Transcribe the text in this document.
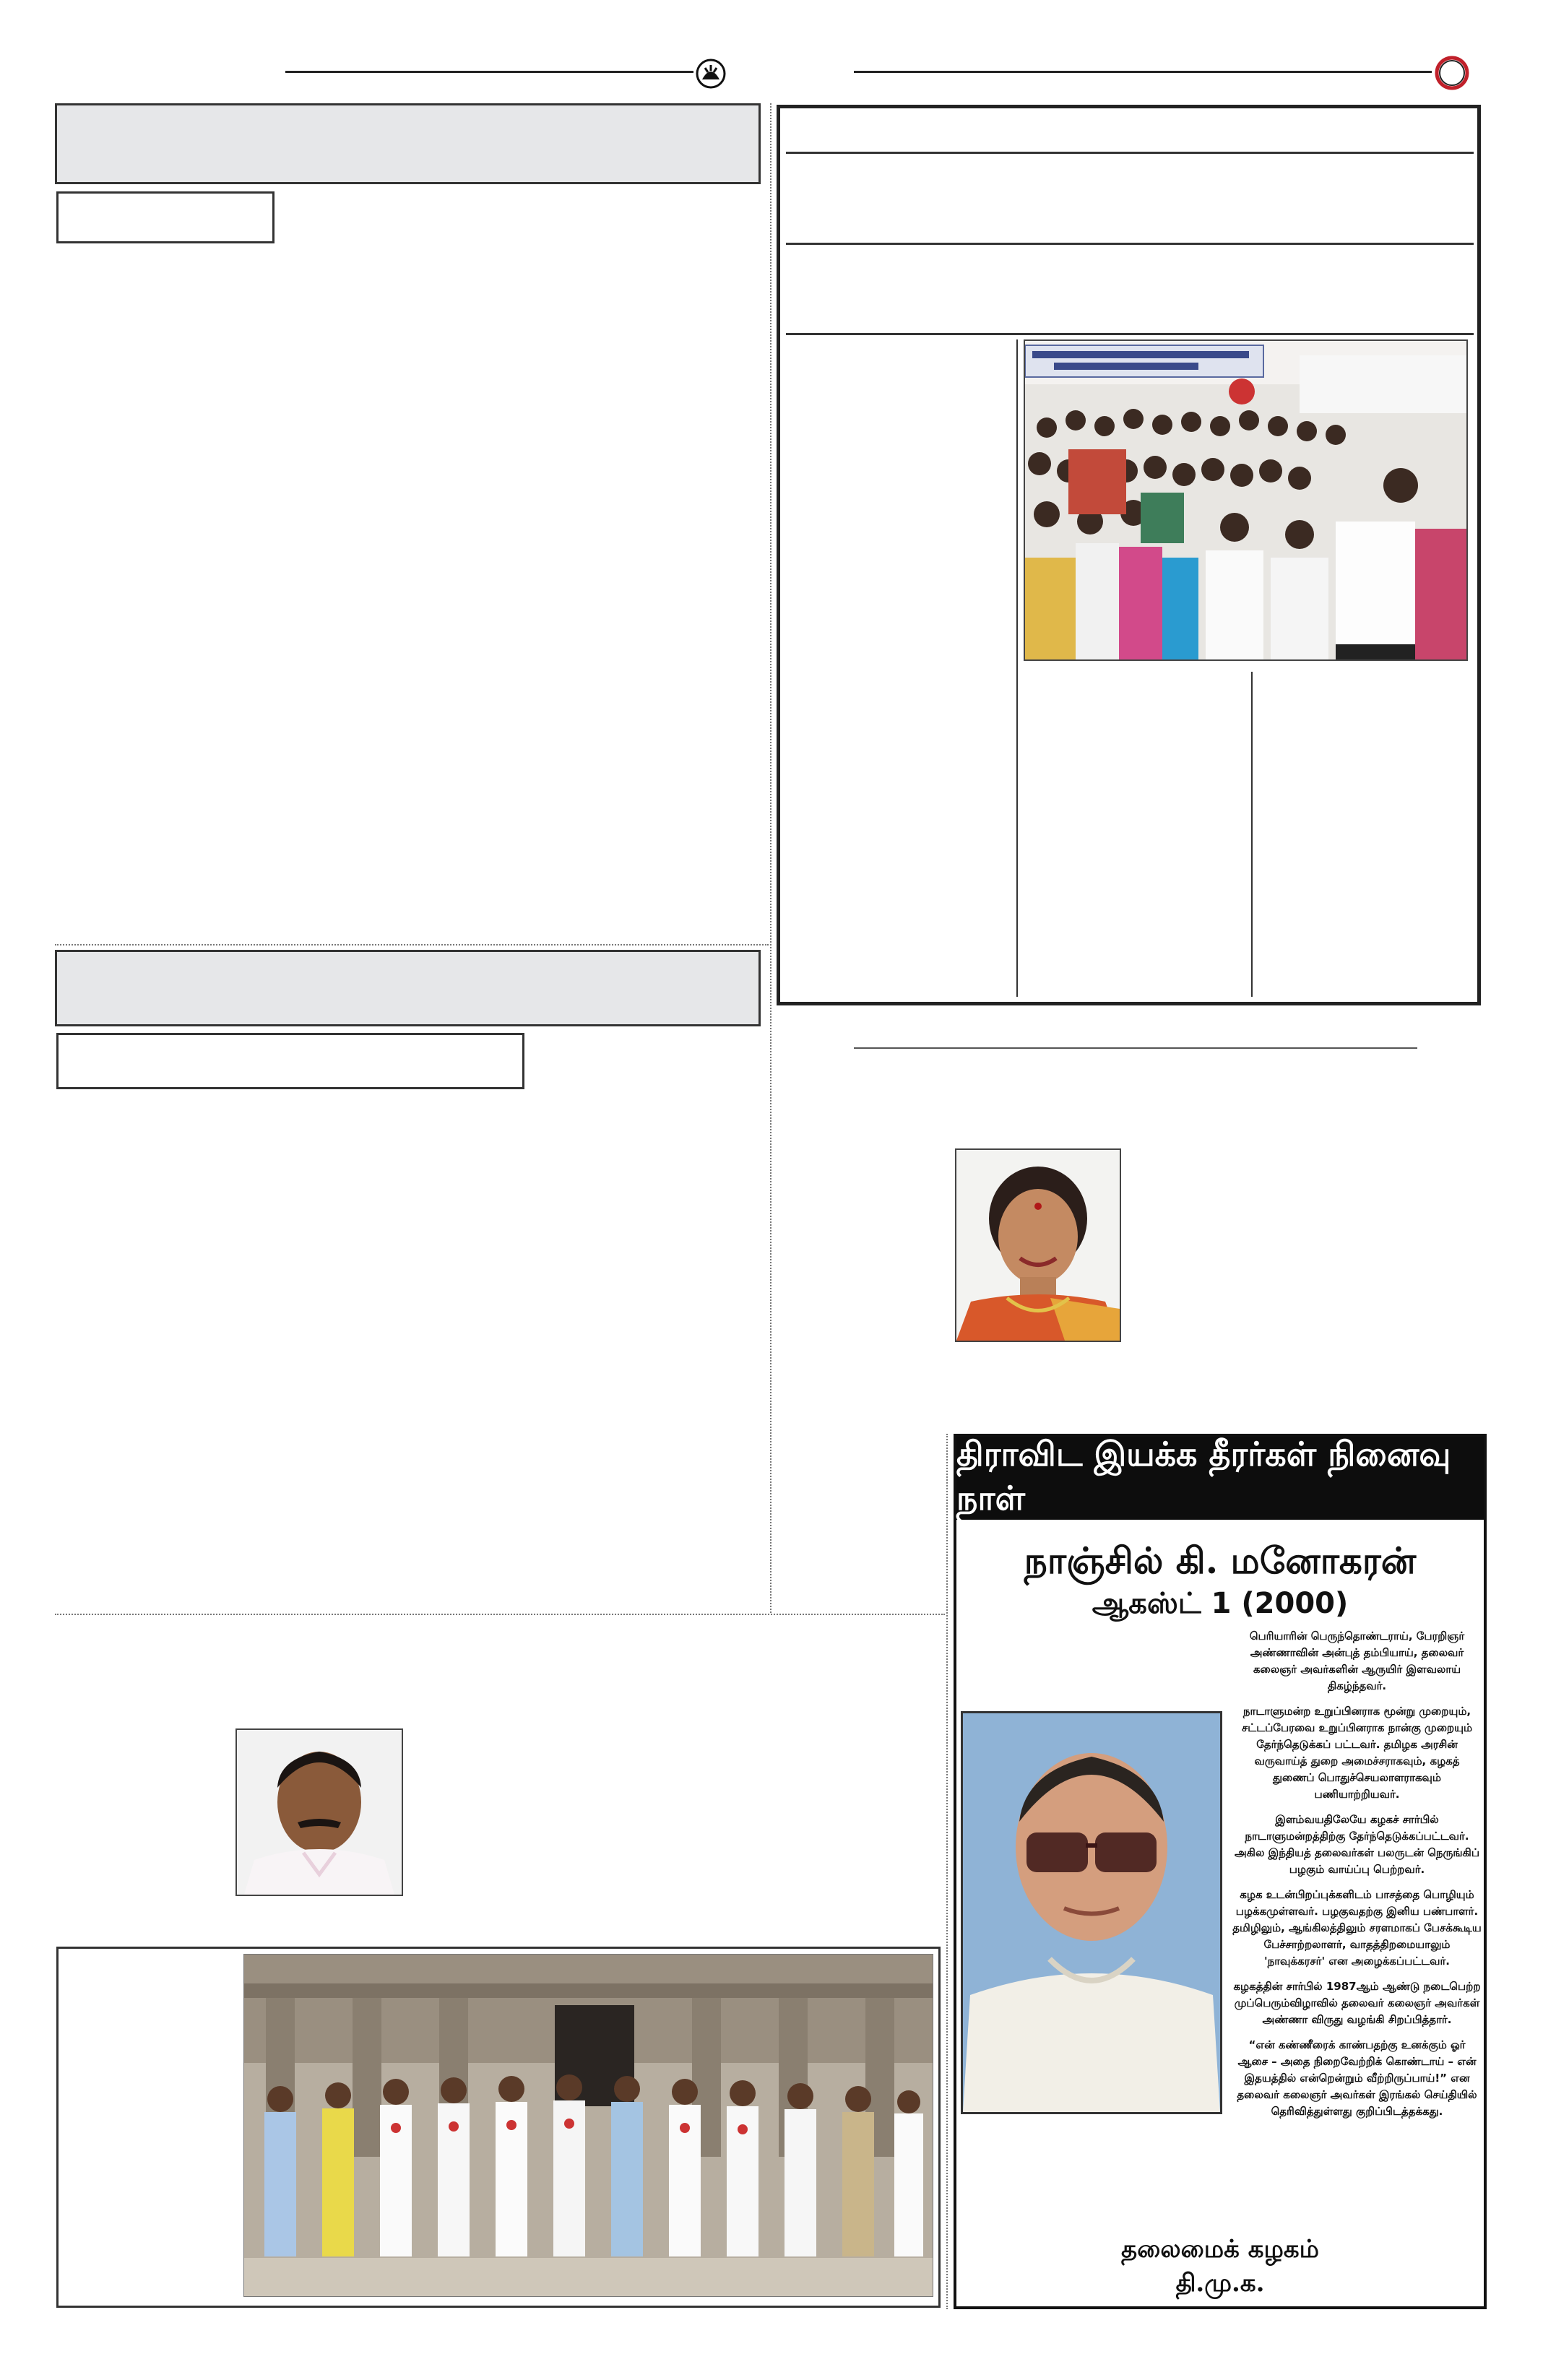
திராவிட இயக்க தீரர்கள் நினைவு நாள்
நாஞ்சில் கி. மனோகரன்
ஆகஸ்ட் 1 (2000)

பெரியாரின் பெருந்தொண்டராய், பேரறிஞர் அண்ணாவின் அன்புத் தம்பியாய், தலைவர் கலைஞர் அவர்களின் ஆருயிர் இளவலாய் திகழ்ந்தவர்.

நாடாளுமன்ற உறுப்பினராக மூன்று முறையும், சட்டப்பேரவை உறுப்பினராக நான்கு முறையும் தேர்ந்தெடுக்கப் பட்டவர். தமிழக அரசின் வருவாய்த் துறை அமைச்சராகவும், கழகத் துணைப் பொதுச்செயலாளராகவும் பணியாற்றியவர்.

இளம்வயதிலேயே கழகச் சார்பில் நாடாளுமன்றத்திற்கு தேர்ந்தெடுக்கப்பட்டவர். அகில இந்தியத் தலைவர்கள் பலருடன் நெருங்கிப் பழகும் வாய்ப்பு பெற்றவர்.

கழக உடன்பிறப்புக்களிடம் பாசத்தை பொழியும் பழக்கமுள்ளவர். பழகுவதற்கு இனிய பண்பாளர். தமிழிலும், ஆங்கிலத்திலும் சரளமாகப் பேசக்கூடிய பேச்சாற்றலாளர், வாதத்திறமையாலும் 'நாவுக்கரசர்' என அழைக்கப்பட்டவர்.

கழகத்தின் சார்பில் 1987ஆம் ஆண்டு நடைபெற்ற முப்பெரும்விழாவில் தலைவர் கலைஞர் அவர்கள் அண்ணா விருது வழங்கி சிறப்பித்தார்.

“என் கண்ணீரைக் காண்பதற்கு உனக்கும் ஓர் ஆசை – அதை நிறைவேற்றிக் கொண்டாய் – என் இதயத்தில் என்றென்றும் வீற்றிருப்பாய்!” என தலைவர் கலைஞர் அவர்கள் இரங்கல் செய்தியில் தெரிவித்துள்ளது குறிப்பிடத்தக்கது.

தலைமைக் கழகம்
தி.மு.க.
